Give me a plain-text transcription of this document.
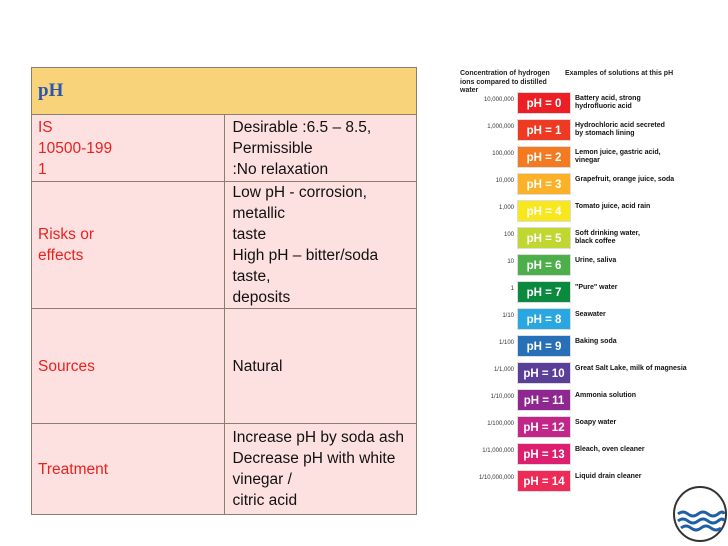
pH	

IS
10500-199
1	Desirable :6.5 – 8.5, Permissible
:No relaxation

Risks or
effects	Low pH - corrosion, metallic
taste
High pH – bitter/soda taste,
deposits

Sources	Natural

Treatment	Increase pH by soda ash
Decrease pH with white vinegar /
citric acid
Concentration of hydrogen ions compared to distilled water
Examples of solutions at this pH
10,000,000	pH = 0	Battery acid, strong
hydrofluoric acid
1,000,000	pH = 1	Hydrochloric acid secreted
by stomach lining
100,000	pH = 2	Lemon juice, gastric acid,
vinegar
10,000	pH = 3	Grapefruit, orange juice, soda
1,000	pH = 4	Tomato juice, acid rain
100	pH = 5	Soft drinking water,
black coffee
10	pH = 6	Urine, saliva
1	pH = 7	"Pure" water
1/10	pH = 8	Seawater
1/100	pH = 9	Baking soda
1/1,000 pH = 10	Great Salt Lake, milk of magnesia
1/10,000 pH = 11	Ammonia solution
1/100,000 pH = 12	Soapy water
1/1,000,000 pH = 13	Bleach, oven cleaner
1/10,000,000 pH = 14	Liquid drain cleaner
